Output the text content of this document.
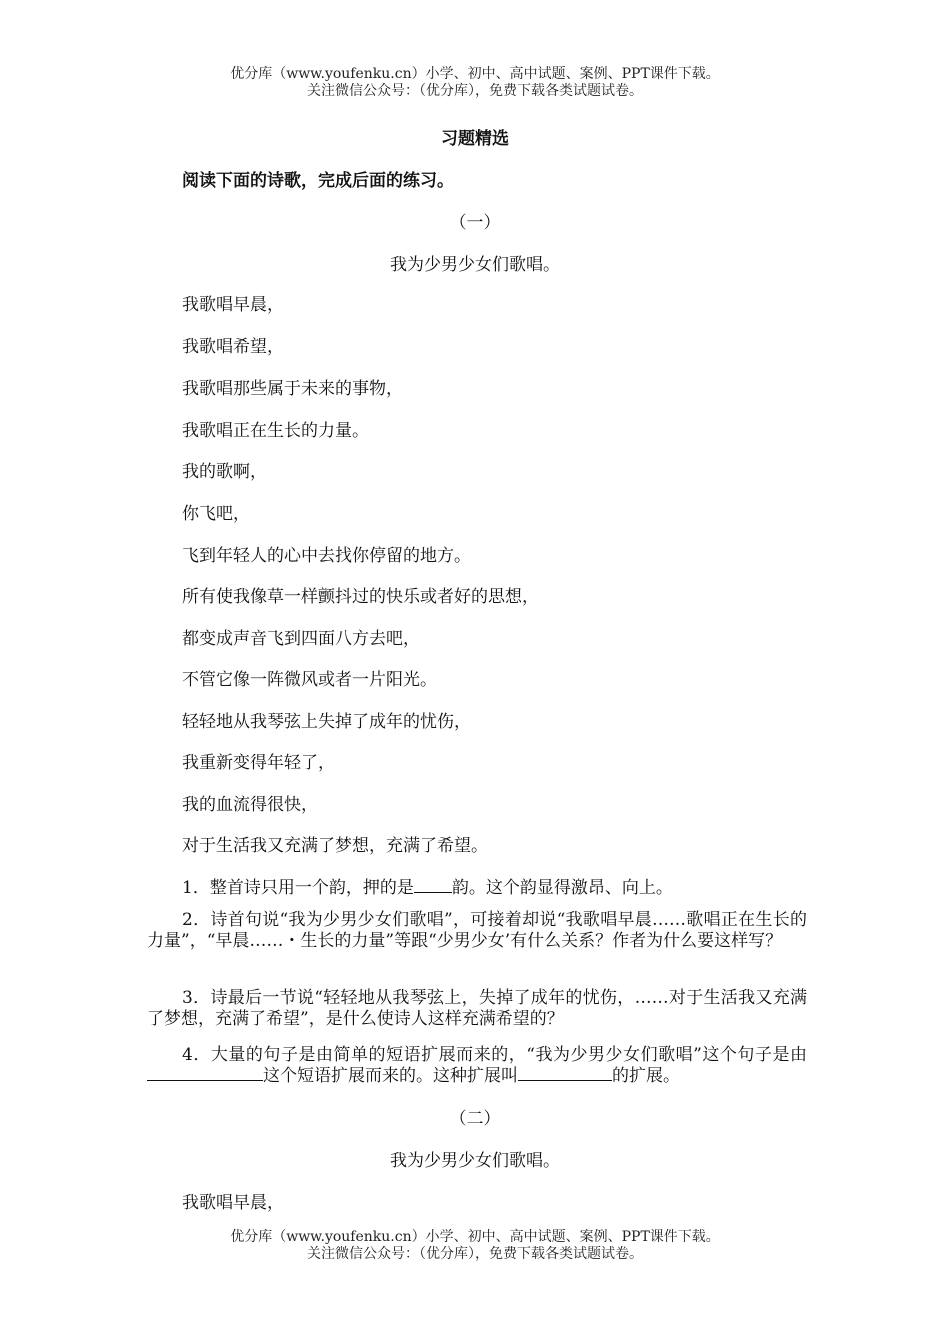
优分库（www.youfenku.cn）小学、初中、高中试题、案例、PPT课件下载。
关注微信公众号：（优分库），免费下载各类试题试卷。
习题精选
阅读下面的诗歌，完成后面的练习。
（一）
我为少男少女们歌唱。
我歌唱早晨，
我歌唱希望，
我歌唱那些属于未来的事物，
我歌唱正在生长的力量。
我的歌啊，
你飞吧，
飞到年轻人的心中去找你停留的地方。
所有使我像草一样颤抖过的快乐或者好的思想，
都变成声音飞到四面八方去吧，
不管它像一阵微风或者一片阳光。
轻轻地从我琴弦上失掉了成年的忧伤，
我重新变得年轻了，
我的血流得很快，
对于生活我又充满了梦想，充满了希望。
1．整首诗只用一个韵，押的是 韵。这个韵显得激昂、向上。
2．诗首句说“我为少男少女们歌唱”，可接着却说“我歌唱早晨……歌唱正在生长的力量”，“早晨……・生长的力量”等跟“少男少女’有什么关系？作者为什么要这样写？
3．诗最后一节说“轻轻地从我琴弦上，失掉了成年的忧伤，……对于生活我又充满了梦想，充满了希望”，是什么使诗人这样充满希望的？
4．大量的句子是由简单的短语扩展而来的，“我为少男少女们歌唱”这个句子是由这个短语扩展而来的。这种扩展叫	的扩展。
（二）
我为少男少女们歌唱。
我歌唱早晨，
优分库（www.youfenku.cn）小学、初中、高中试题、案例、PPT课件下载。
关注微信公众号：（优分库），免费下载各类试题试卷。
